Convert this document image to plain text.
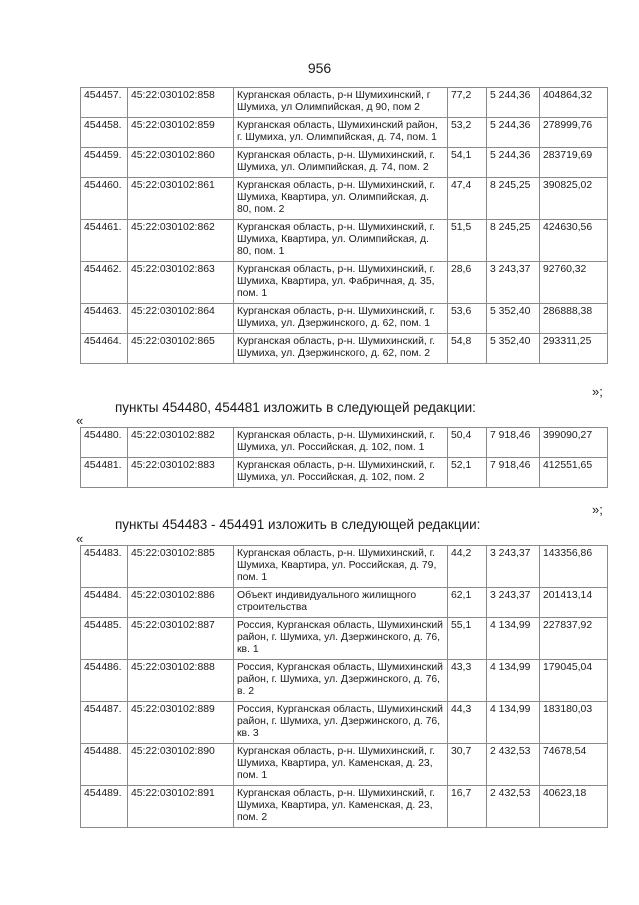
956
454457.	45:22:030102:858	Курганская область, р-н Шумихинский, г Шумиха, ул Олимпийская, д 90, пом 2	77,2	5 244,36	404864,32
454458.	45:22:030102:859	Курганская область, Шумихинский район, г. Шумиха, ул. Олимпийская, д. 74, пом. 1	53,2	5 244,36	278999,76
454459.	45:22:030102:860	Курганская область, р-н. Шумихинский, г. Шумиха, ул. Олимпийская, д. 74, пом. 2	54,1	5 244,36	283719,69
454460.	45:22:030102:861	Курганская область, р-н. Шумихинский, г. Шумиха, Квартира, ул. Олимпийская, д. 80, пом. 2	47,4	8 245,25	390825,02
454461.	45:22:030102:862	Курганская область, р-н. Шумихинский, г. Шумиха, Квартира, ул. Олимпийская, д. 80, пом. 1	51,5	8 245,25	424630,56
454462.	45:22:030102:863	Курганская область, р-н. Шумихинский, г. Шумиха, Квартира, ул. Фабричная, д. 35, пом. 1	28,6	3 243,37	92760,32
454463.	45:22:030102:864	Курганская область, р-н. Шумихинский, г. Шумиха, ул. Дзержинского, д. 62, пом. 1	53,6	5 352,40	286888,38
454464.	45:22:030102:865	Курганская область, р-н. Шумихинский, г. Шумиха, ул. Дзержинского, д. 62, пом. 2	54,8	5 352,40	293311,25
»;
пункты 454480, 454481 изложить в следующей редакции:
«
454480.	45:22:030102:882	Курганская область, р-н. Шумихинский, г. Шумиха, ул. Российская, д. 102, пом. 1	50,4	7 918,46	399090,27
454481.	45:22:030102:883	Курганская область, р-н. Шумихинский, г. Шумиха, ул. Российская, д. 102, пом. 2	52,1	7 918,46	412551,65
»;
пункты 454483 - 454491 изложить в следующей редакции:
«
454483.	45:22:030102:885	Курганская область, р-н. Шумихинский, г. Шумиха, Квартира, ул. Российская, д. 79, пом. 1	44,2	3 243,37	143356,86
454484.	45:22:030102:886	Объект индивидуального жилищного строительства	62,1	3 243,37	201413,14
454485.	45:22:030102:887	Россия, Курганская область, Шумихинский район, г. Шумиха, ул. Дзержинского, д. 76, кв. 1	55,1	4 134,99	227837,92
454486.	45:22:030102:888	Россия, Курганская область, Шумихинский район, г. Шумиха, ул. Дзержинского, д. 76, в. 2	43,3	4 134,99	179045,04
454487.	45:22:030102:889	Россия, Курганская область, Шумихинский район, г. Шумиха, ул. Дзержинского, д. 76, кв. 3	44,3	4 134,99	183180,03
454488.	45:22:030102:890	Курганская область, р-н. Шумихинский, г. Шумиха, Квартира, ул. Каменская, д. 23, пом. 1	30,7	2 432,53	74678,54
454489.	45:22:030102:891	Курганская область, р-н. Шумихинский, г. Шумиха, Квартира, ул. Каменская, д. 23, пом. 2	16,7	2 432,53	40623,18
